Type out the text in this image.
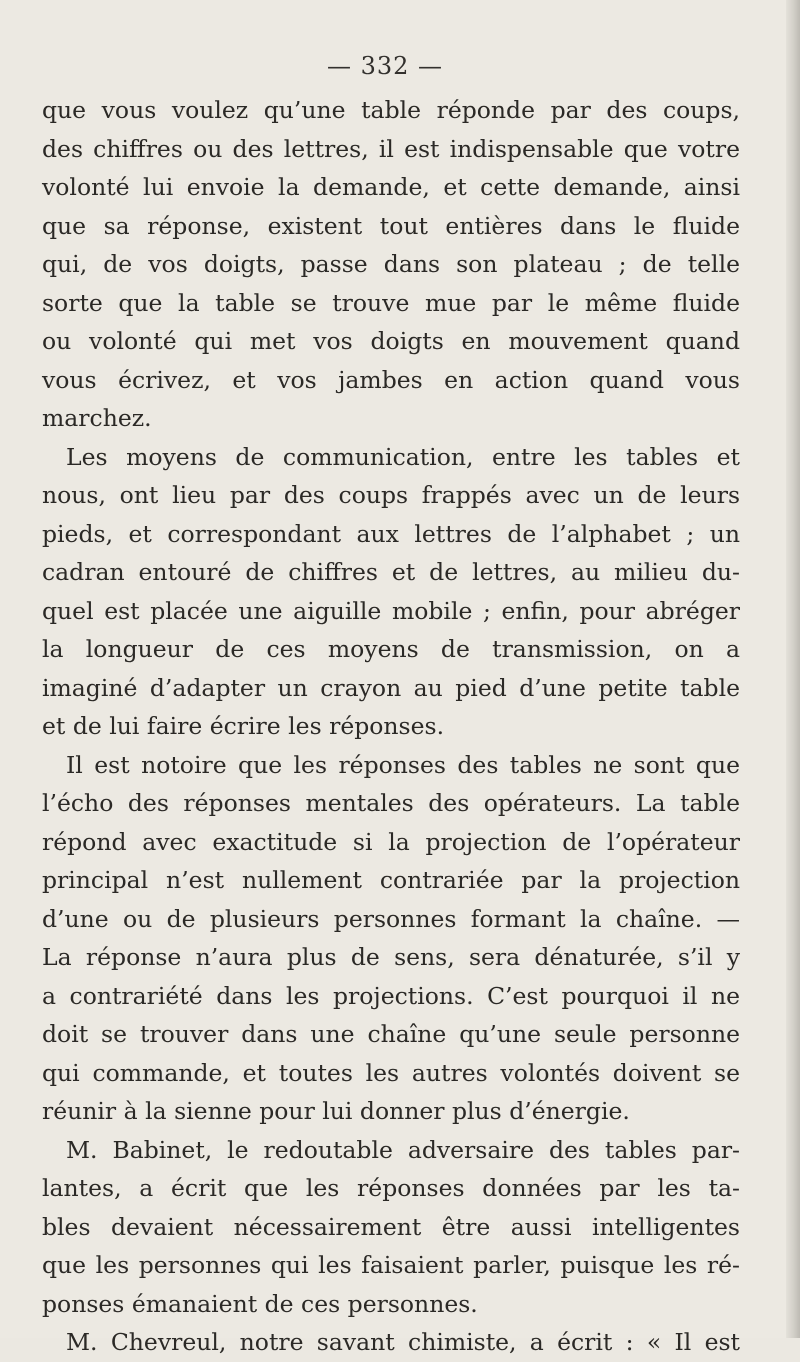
— 332 —
que vous voulez qu’une table réponde par des coups,
des chiffres ou des lettres, il est indispensable que votre
volonté lui envoie la demande, et cette demande, ainsi
que sa réponse, existent tout entières dans le fluide
qui, de vos doigts, passe dans son plateau ; de telle
sorte que la table se trouve mue par le même fluide
ou volonté qui met vos doigts en mouvement quand
vous écrivez, et vos jambes en action quand vous
marchez.
Les moyens de communication, entre les tables et
nous, ont lieu par des coups frappés avec un de leurs
pieds, et correspondant aux lettres de l’alphabet ; un
cadran entouré de chiffres et de lettres, au milieu du-
quel est placée une aiguille mobile ; enfin, pour abréger
la longueur de ces moyens de transmission, on a
imaginé d’adapter un crayon au pied d’une petite table
et de lui faire écrire les réponses.
Il est notoire que les réponses des tables ne sont que
l’écho des réponses mentales des opérateurs. La table
répond avec exactitude si la projection de l’opérateur
principal n’est nullement contrariée par la projection
d’une ou de plusieurs personnes formant la chaîne. —
La réponse n’aura plus de sens, sera dénaturée, s’il y
a contrariété dans les projections. C’est pourquoi il ne
doit se trouver dans une chaîne qu’une seule personne
qui commande, et toutes les autres volontés doivent se
réunir à la sienne pour lui donner plus d’énergie.
M. Babinet, le redoutable adversaire des tables par-
lantes, a écrit que les réponses données par les ta-
bles devaient nécessairement être aussi intelligentes
que les personnes qui les faisaient parler, puisque les ré-
ponses émanaient de ces personnes.
M. Chevreul, notre savant chimiste, a écrit : « Il est
